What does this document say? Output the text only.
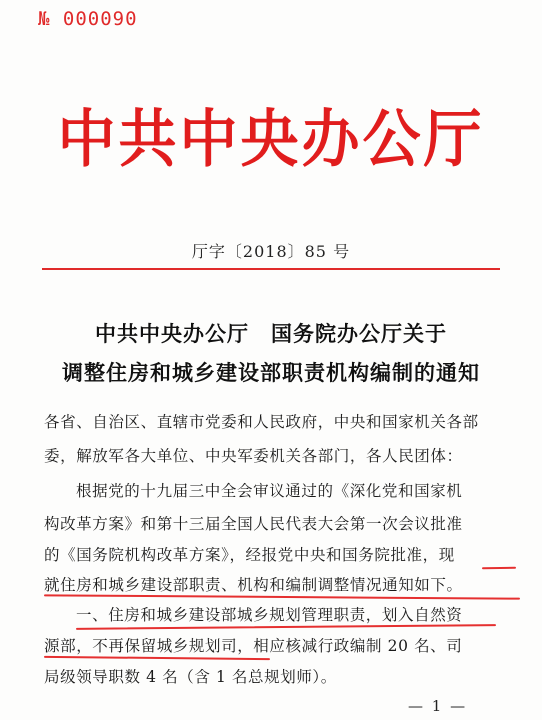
№ 000090
中共中央办公厅
厅字〔2018〕85 号
中共中央办公厅　国务院办公厅关于
调整住房和城乡建设部职责机构编制的通知
各省、自治区、直辖市党委和人民政府，中央和国家机关各部
委，解放军各大单位、中央军委机关各部门，各人民团体：
根据党的十九届三中全会审议通过的《深化党和国家机
构改革方案》和第十三届全国人民代表大会第一次会议批准
的《国务院机构改革方案》，经报党中央和国务院批准，现
就住房和城乡建设部职责、机构和编制调整情况通知如下。
一、住房和城乡建设部城乡规划管理职责，划入自然资
源部，不再保留城乡规划司，相应核减行政编制 20 名、司
局级领导职数 4 名（含 1 名总规划师）。
— 1 —
